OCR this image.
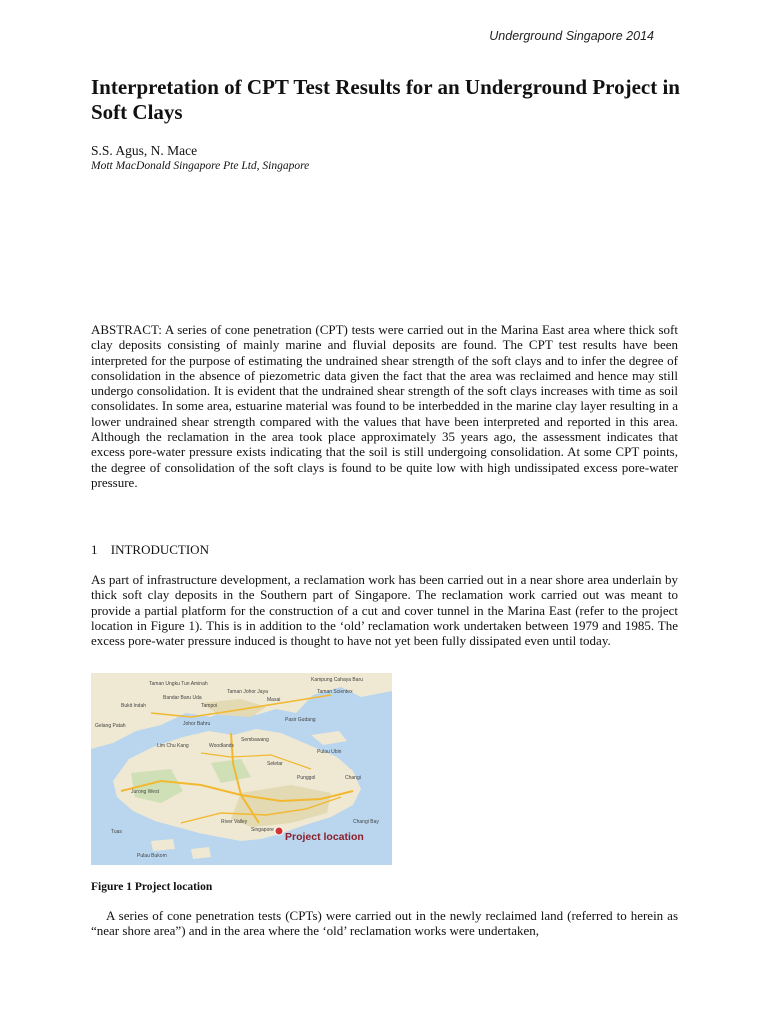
Underground Singapore 2014
Interpretation of CPT Test Results for an Underground Project in Soft Clays
S.S. Agus, N. Mace
Mott MacDonald Singapore Pte Ltd, Singapore

ABSTRACT: A series of cone penetration (CPT) tests were carried out in the Marina East area where thick soft clay deposits consisting of mainly marine and fluvial deposits are found. The CPT test results have been interpreted for the purpose of estimating the undrained shear strength of the soft clays and to infer the degree of consolidation in the absence of piezometric data given the fact that the area was reclaimed and hence may still undergo consolidation. It is evident that the undrained shear strength of the soft clays increases with time as soil consolidates. In some area, estuarine material was found to be interbedded in the marine clay layer resulting in a lower undrained shear strength compared with the values that have been interpreted and reported in this area. Although the reclamation in the area took place approximately 35 years ago, the assessment indicates that excess pore-water pressure exists indicating that the soil is still undergoing consolidation. At some CPT points, the degree of consolidation of the soft clays is found to be quite low with high undissipated excess pore-water pressure.

1 INTRODUCTION

As part of infrastructure development, a reclamation work has been carried out in a near shore area underlain by thick soft clay deposits in the Southern part of Singapore. The reclamation work carried out was meant to provide a partial platform for the construction of a cut and cover tunnel in the Marina East (refer to the project location in Figure 1). This is in addition to the ‘old’ reclamation work undertaken between 1979 and 1985. The excess pore-water pressure induced is thought to have not yet been fully dissipated even until today.

Taman Ungku Tun Aminah
Kampung Cahaya Baru
Bandar Baru Uda
Taman Johor Jaya
Masai
Taman Scientex
Bukit Indah	Tampoi
Johor Bahru
Pasir Gudang
Gelang Patah
Lim Chu Kang
Sembawang
Pulau Ubin
Seletar
Punggol
Woodlands
Jurong West
Changi
Tuas	Singapore
River Valley	Changi Bay
Pulau Bukom
Project location
Figure 1 Project location

A series of cone penetration tests (CPTs) were carried out in the newly reclaimed land (referred to herein as “near shore area”) and in the area where the ‘old’ reclamation works were undertaken,
